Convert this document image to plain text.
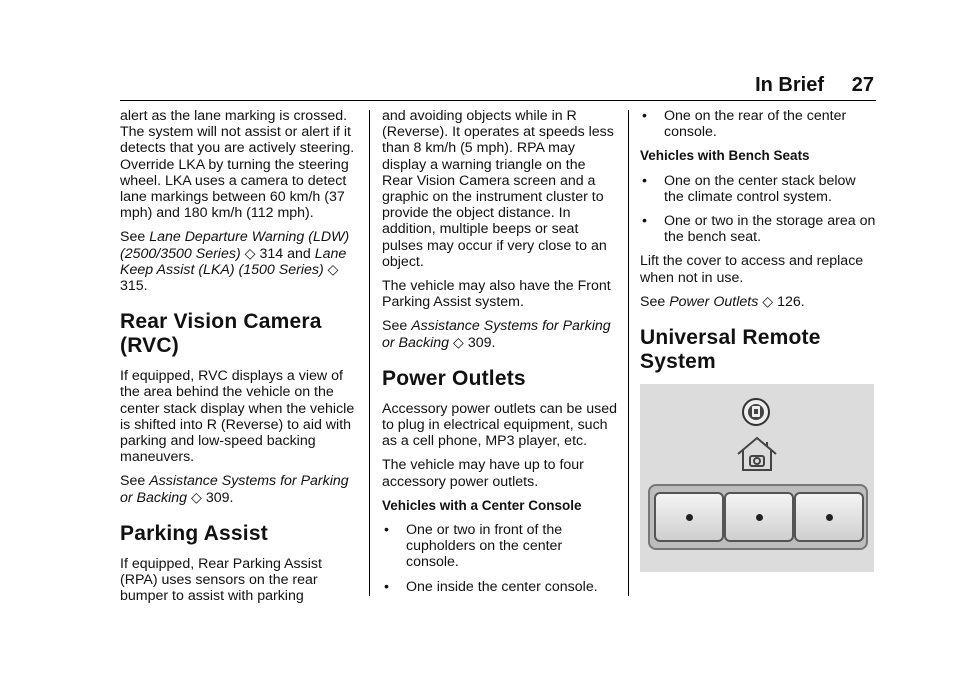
In Brief 27

alert as the lane marking is crossed. The system will not assist or alert if it detects that you are actively steering. Override LKA by turning the steering wheel. LKA uses a camera to detect lane markings between 60 km/h (37 mph) and 180 km/h (112 mph).

See Lane Departure Warning (LDW) (2500/3500 Series) ◇ 314 and Lane Keep Assist (LKA) (1500 Series) ◇ 315.

Rear Vision Camera (RVC)

If equipped, RVC displays a view of the area behind the vehicle on the center stack display when the vehicle is shifted into R (Reverse) to aid with parking and low-speed backing maneuvers.

See Assistance Systems for Parking or Backing ◇ 309.

Parking Assist

If equipped, Rear Parking Assist (RPA) uses sensors on the rear bumper to assist with parking

and avoiding objects while in R (Reverse). It operates at speeds less than 8 km/h (5 mph). RPA may display a warning triangle on the Rear Vision Camera screen and a graphic on the instrument cluster to provide the object distance. In addition, multiple beeps or seat pulses may occur if very close to an object.

The vehicle may also have the Front Parking Assist system.

See Assistance Systems for Parking or Backing ◇ 309.

Power Outlets

Accessory power outlets can be used to plug in electrical equipment, such as a cell phone, MP3 player, etc.

The vehicle may have up to four accessory power outlets.

Vehicles with a Center Console

• One or two in front of the cupholders on the center console.
• One inside the center console.
• One on the rear of the center console.

Vehicles with Bench Seats

• One on the center stack below the climate control system.
• One or two in the storage area on the bench seat.

Lift the cover to access and replace when not in use.

See Power Outlets ◇ 126.

Universal Remote System
